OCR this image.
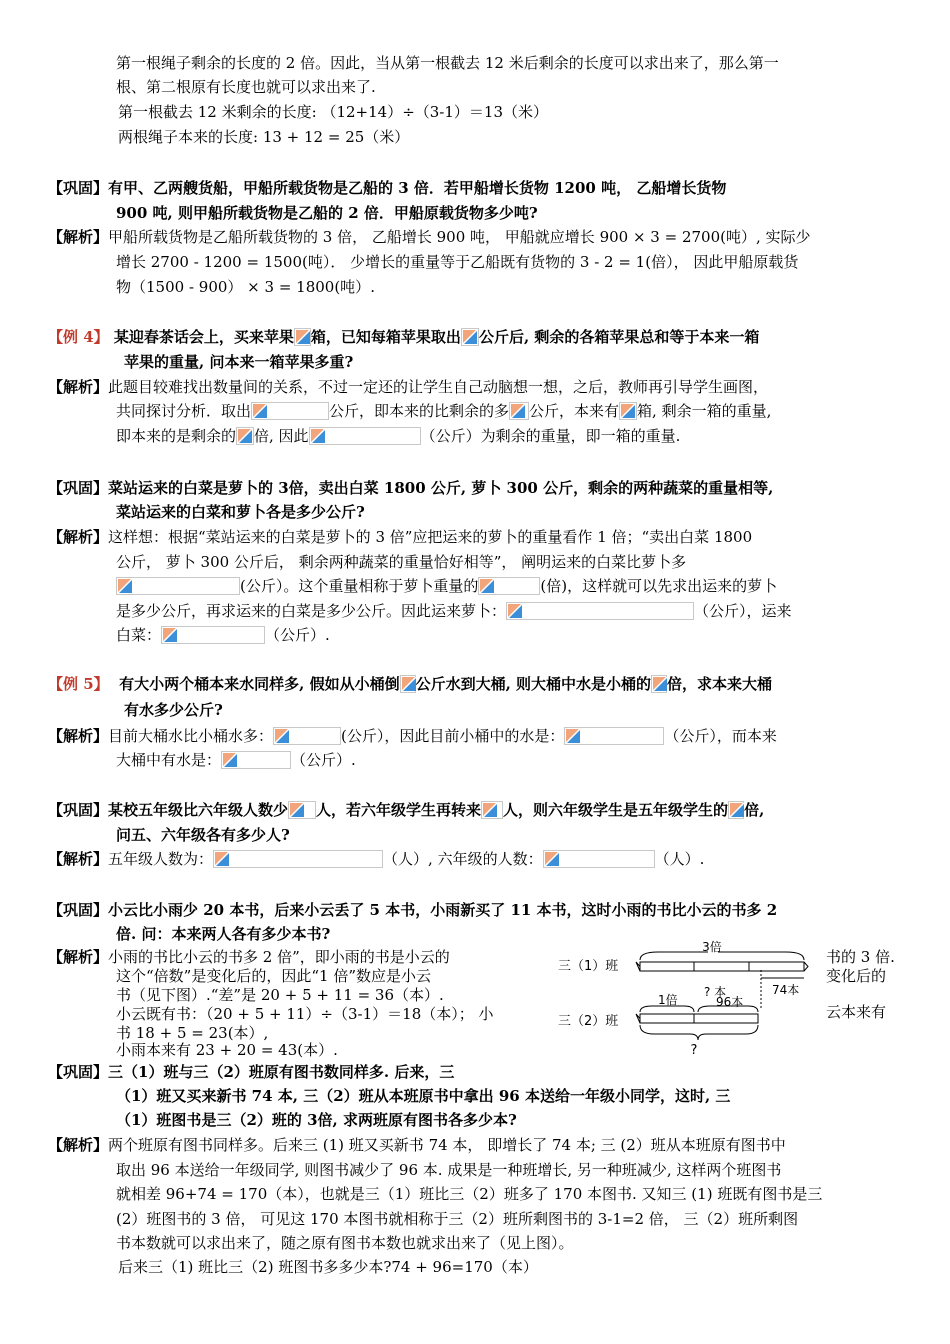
第一根绳子剩余的长度的 2 倍。因此，当从第一根截去 12 米后剩余的长度可以求出来了，那么第一
根、第二根原有长度也就可以求出来了.
第一根截去 12 米剩余的长度: （12+14）÷（3-1）＝13（米）
两根绳子本来的长度: 13 + 12 = 25（米）
【巩固】有甲、乙两艘货船，甲船所载货物是乙船的 3 倍．若甲船增长货物 1200 吨， 乙船增长货物
900 吨, 则甲船所载货物是乙船的 2 倍．甲船原载货物多少吨?
【解析】甲船所载货物是乙船所载货物的 3 倍， 乙船增长 900 吨， 甲船就应增长 900 × 3 = 2700(吨）, 实际少
增长 2700 - 1200 = 1500(吨）． 少增长的重量等于乙船既有货物的 3 - 2 = 1(倍）， 因此甲船原载货
物（1500 - 900） × 3 = 1800(吨）.
【例 4】 某迎春茶话会上，买来苹果 箱，已知每箱苹果取出 公斤后, 剩余的各箱苹果总和等于本来一箱
苹果的重量, 问本来一箱苹果多重?
【解析】此题目较难找出数量间的关系，不过一定还的让学生自己动脑想一想，之后，教师再引导学生画图，
共同探讨分析．取出	公斤，即本来的比剩余的多 公斤，本来有 箱, 剩余一箱的重量,
即本来的是剩余的 倍, 因此	（公斤）为剩余的重量，即一箱的重量.
【巩固】菜站运来的白菜是萝卜的 3倍，卖出白菜 1800 公斤, 萝卜 300 公斤，剩余的两种蔬菜的重量相等,
菜站运来的白菜和萝卜各是多少公斤?
【解析】这样想：根据“菜站运来的白菜是萝卜的 3 倍”应把运来的萝卜的重量看作 1 倍；“卖出白菜 1800
公斤， 萝卜 300 公斤后， 剩余两种蔬菜的重量恰好相等”， 阐明运来的白菜比萝卜多
(公斤）。这个重量相称于萝卜重量的	(倍)，这样就可以先求出运来的萝卜
是多少公斤，再求运来的白菜是多少公斤。因此运来萝卜：	（公斤），运来
白菜：	（公斤）.
【例 5】 有大小两个桶本来水同样多, 假如从小桶倒 公斤水到大桶, 则大桶中水是小桶的 倍，求本来大桶
有水多少公斤?
【解析】目前大桶水比小桶水多：	(公斤），因此目前小桶中的水是：	（公斤），而本来
大桶中有水是：	（公斤）.
【巩固】某校五年级比六年级人数少 人，若六年级学生再转来 人，则六年级学生是五年级学生的 倍,
问五、六年级各有多少人?
【解析】五年级人数为：	（人）, 六年级的人数：	（人）.
【巩固】小云比小雨少 20 本书，后来小云丢了 5 本书，小雨新买了 11 本书，这时小雨的书比小云的书多 2
倍. 问：本来两人各有多少本书?
【解析】小雨的书比小云的书多 2 倍”，即小雨的书是小云的
这个“倍数”是变化后的，因此“1 倍”数应是小云
书（见下图）.“差”是 20 + 5 + 11 = 36（本）.
小云既有书：（20 + 5 + 11）÷（3-1）＝18（本）； 小
书 18 + 5 = 23(本）,
小雨本来有 23 + 20 = 43(本）.
书的 3 倍.
变化后的
云本来有
三（1）班
三（2）班
3倍
1倍
? 本
96本
74本
?
【巩固】三（1）班与三（2）班原有图书数同样多. 后来，三
（1）班又买来新书 74 本, 三（2）班从本班原书中拿出 96 本送给一年级小同学，这时, 三
（1）班图书是三（2）班的 3倍, 求两班原有图书各多少本?
【解析】两个班原有图书同样多。后来三 (1) 班又买新书 74 本， 即增长了 74 本; 三 (2）班从本班原有图书中
取出 96 本送给一年级同学, 则图书减少了 96 本. 成果是一种班增长, 另一种班减少, 这样两个班图书
就相差 96+74 = 170（本），也就是三（1）班比三（2）班多了 170 本图书. 又知三 (1) 班既有图书是三
(2）班图书的 3 倍， 可见这 170 本图书就相称于三（2）班所剩图书的 3-1=2 倍， 三（2）班所剩图
书本数就可以求出来了，随之原有图书本数也就求出来了（见上图）。
后来三（1) 班比三（2) 班图书多多少本?74 + 96=170（本）
